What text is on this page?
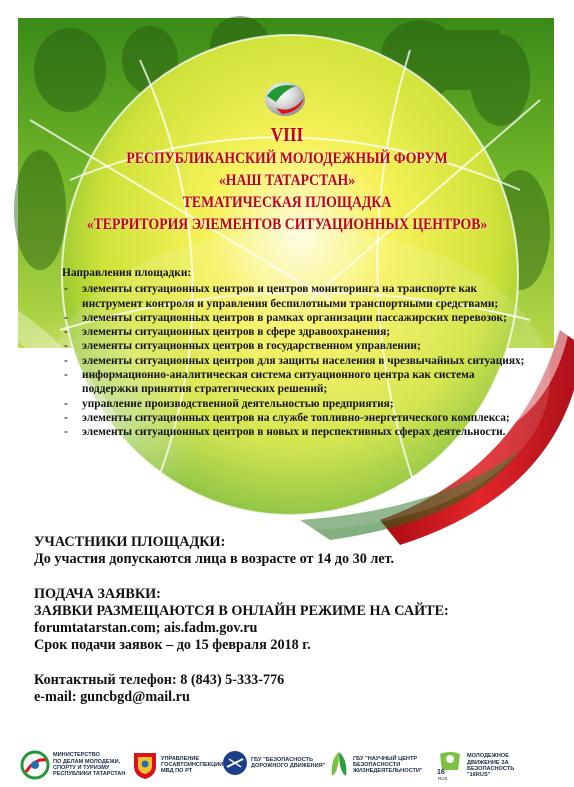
VIII
РЕСПУБЛИКАНСКИЙ МОЛОДЕЖНЫЙ ФОРУМ
«НАШ ТАТАРСТАН»
ТЕМАТИЧЕСКАЯ ПЛОЩАДКА
«ТЕРРИТОРИЯ ЭЛЕМЕНТОВ СИТУАЦИОННЫХ ЦЕНТРОВ»
Направления площадки:
- элементы ситуационных центров и центров мониторинга на транспорте как инструмент контроля и управления беспилотными транспортными средствами;
- элементы ситуационных центров в рамках организации пассажирских перевозок;
- элементы ситуационных центров в сфере здравоохранения;
- элементы ситуационных центров в государственном управлении;
- элементы ситуационных центров для защиты населения в чрезвычайных ситуациях;
- информационно-аналитическая система ситуационного центра как система поддержки принятия стратегических решений;
- управление производственной деятельностью предприятия;
- элементы ситуационных центров на службе топливно-энергетического комплекса;
- элементы ситуационных центров в новых и перспективных сферах деятельности.

УЧАСТНИКИ ПЛОЩАДКИ:

До участия допускаются лица в возрасте от 14 до 30 лет.

ПОДАЧА ЗАЯВКИ:

ЗАЯВКИ РАЗМЕЩАЮТСЯ В ОНЛАЙН РЕЖИМЕ НА САЙТЕ:

forumtatarstan.com; ais.fadm.gov.ru

Срок подачи заявок – до 15 февраля 2018 г.

Контактный телефон: 8 (843) 5-333-776

e-mail: guncbgd@mail.ru

МИНИСТЕРСТВО
ПО ДЕЛАМ МОЛОДЕЖИ,
СПОРТУ И ТУРИЗМУ
РЕСПУБЛИКИ ТАТАРСТАН
УПРАВЛЕНИЕ
ГОСАВТОИНСПЕКЦИИ
МВД ПО РТ
ГБУ "БЕЗОПАСНОСТЬ
ДОРОЖНОГО ДВИЖЕНИЯ"
ГБУ "НАУЧНЫЙ ЦЕНТР
БЕЗОПАСНОСТИ
ЖИЗНЕДЕЯТЕЛЬНОСТИ" 16
RUS
МОЛОДЕЖНОЕ
ДВИЖЕНИЕ ЗА
БЕЗОПАСНОСТЬ
"16RUS"
